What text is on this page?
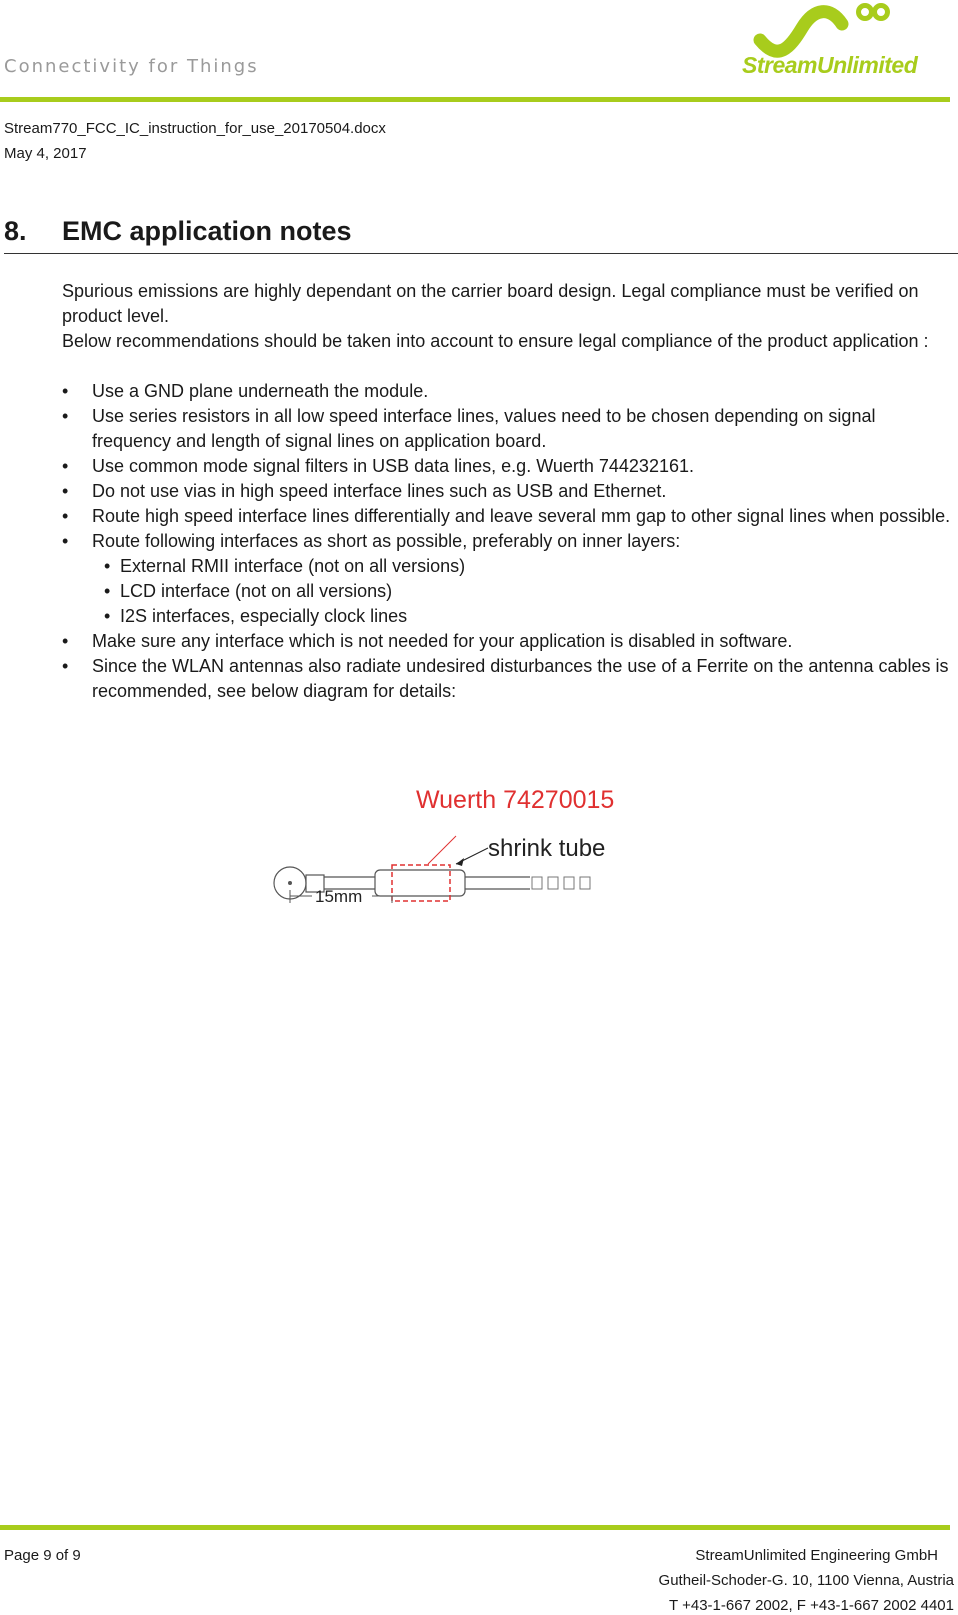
Connectivity for Things	StreamUnlimited
Stream770_FCC_IC_instruction_for_use_20170504.docx
May 4, 2017
8. EMC application notes

Spurious emissions are highly dependant on the carrier board design. Legal compliance must be verified on product level.

Below recommendations should be taken into account to ensure legal compliance of the product application :

• Use a GND plane underneath the module.
• Use series resistors in all low speed interface lines, values need to be chosen depending on signal frequency and length of signal lines on application board.
• Use common mode signal filters in USB data lines, e.g. Wuerth 744232161.
• Do not use vias in high speed interface lines such as USB and Ethernet.
• Route high speed interface lines differentially and leave several mm gap to other signal lines when possible.
• Route following interfaces as short as possible, preferably on inner layers:
• External RMII interface (not on all versions)
• LCD interface (not on all versions)
• I2S interfaces, especially clock lines
• Make sure any interface which is not needed for your application is disabled in software.
• Since the WLAN antennas also radiate undesired disturbances the use of a Ferrite on the antenna cables is recommended, see below diagram for details:
Wuerth 74270015
shrink tube
15mm
Page 9 of 9	StreamUnlimited Engineering GmbH
Gutheil-Schoder-G. 10, 1100 Vienna, Austria
T +43-1-667 2002, F +43-1-667 2002 4401
